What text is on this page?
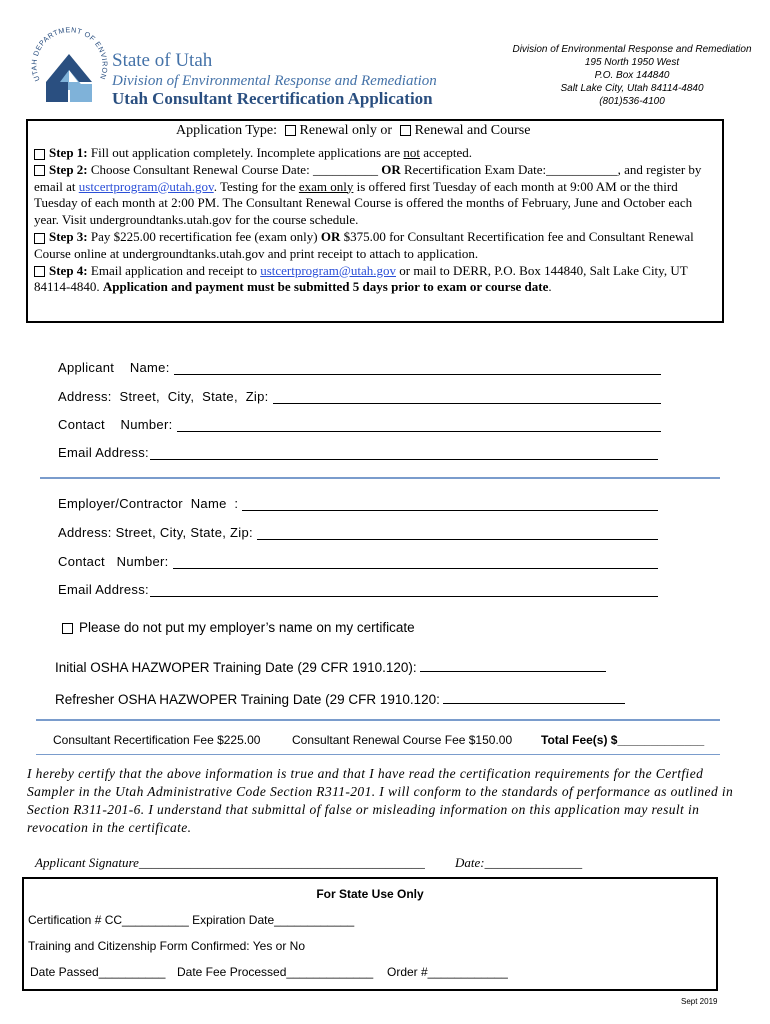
UTAH DEPARTMENT OF ENVIRON
State of Utah
Division of Environmental Response and Remediation
Utah Consultant Recertification Application
Division of Environmental Response and Remediation
195 North 1950 West
P.O. Box 144840
Salt Lake City, Utah 84114-4840
(801)536-4100
Application Type: Renewal only or Renewal and Course

Step 1: Fill out application completely. Incomplete applications are not accepted.

Step 2: Choose Consultant Renewal Course Date: __________ OR Recertification Exam Date:___________, and register by email at ustcertprogram@utah.gov. Testing for the exam only is offered first Tuesday of each month at 9:00 AM or the third Tuesday of each month at 2:00 PM. The Consultant Renewal Course is offered the months of February, June and October each year. Visit undergroundtanks.utah.gov for the course schedule.

Step 3: Pay $225.00 recertification fee (exam only) OR $375.00 for Consultant Recertification fee and Consultant Renewal Course online at undergroundtanks.utah.gov and print receipt to attach to application.

Step 4: Email application and receipt to ustcertprogram@utah.gov or mail to DERR, P.O. Box 144840, Salt Lake City, UT 84114-4840. Application and payment must be submitted 5 days prior to exam or course date.

Applicant    Name:
Address:  Street,  City,  State,  Zip:
Contact    Number:
Email Address:
Employer/Contractor  Name  :
Address: Street, City, State, Zip:
Contact   Number:
Email Address:
Please do not put my employer’s name on my certificate
Initial OSHA HAZWOPER Training Date (29 CFR 1910.120):
Refresher OSHA HAZWOPER Training Date (29 CFR 1910.120:
Consultant Recertification Fee $225.00	Consultant Renewal Course Fee $150.00 Total Fee(s) $_____________
I hereby certify that the above information is true and that I have read the certification requirements for the Certfied Sampler in the Utah Administrative Code Section R311-201. I will conform to the standards of performance as outlined in Section R311-201-6. I understand that submittal of false or misleading information on this application may result in revocation in the certificate.
Applicant Signature____________________________________________ Date:_______________
For State Use Only
Certification # CC__________ Expiration Date____________
Training and Citizenship Form Confirmed: Yes or No
Date Passed__________ Date Fee Processed_____________ Order #____________
Sept 2019
